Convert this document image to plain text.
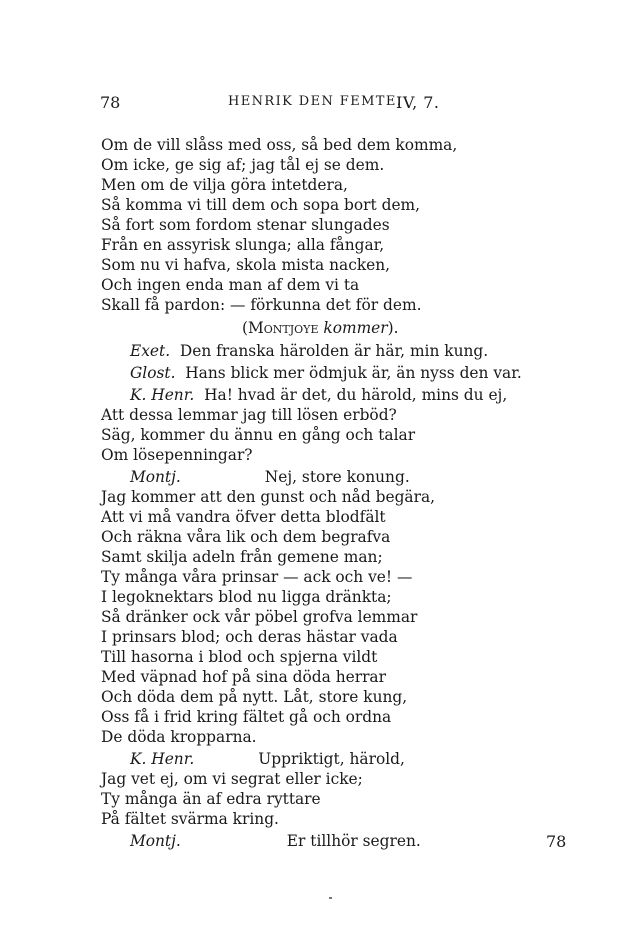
78	HENRIK DEN FEMTE.
IV, 7.
Om de vill slåss med oss, så bed dem komma,
Om icke, ge sig af; jag tål ej se dem.
Men om de vilja göra intetdera,
Så komma vi till dem och sopa bort dem,
Så fort som fordom stenar slungades
Från en assyrisk slunga; alla fångar,
Som nu vi hafva, skola mista nacken,
Och ingen enda man af dem vi ta
Skall få pardon: — förkunna det för dem.
(Montjoye kommer).
Exet. Den franska härolden är här, min kung.
Glost. Hans blick mer ödmjuk är, än nyss den var.
K. Henr. Ha! hvad är det, du härold, mins du ej,
Att dessa lemmar jag till lösen erböd?
Säg, kommer du ännu en gång och talar
Om lösepenningar?
Montj.	Nej, store konung.
Jag kommer att den gunst och nåd begära,
Att vi må vandra öfver detta blodfält
Och räkna våra lik och dem begrafva
Samt skilja adeln från gemene man;
Ty många våra prinsar — ack och ve! —
I legoknektars blod nu ligga dränkta;
Så dränker ock vår pöbel grofva lemmar
I prinsars blod; och deras hästar vada
Till hasorna i blod och spjerna vildt
Med väpnad hof på sina döda herrar
Och döda dem på nytt. Låt, store kung,
Oss få i frid kring fältet gå och ordna
De döda kropparna.
K. Henr.	Uppriktigt, härold,
Jag vet ej, om vi segrat eller icke;
Ty många än af edra ryttare
På fältet svärma kring.
Montj.	Er tillhör segren.	78
